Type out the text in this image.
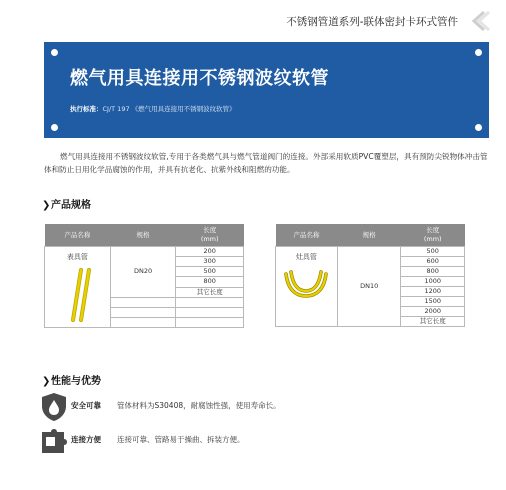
不锈钢管道系列-联体密封卡环式管件
燃气用具连接用不锈钢波纹软管
执行标准：CJ/T 197 《燃气用具连接用不锈钢波纹软管》
燃气用具连接用不锈钢波纹软管,专用于各类燃气具与燃气管道阀门的连接。外部采用软质PVC覆塑层，具有预防尖锐物体冲击管体和防止日用化学品腐蚀的作用，并具有抗老化、抗紫外线和阻燃的功能。
❯产品规格
产品名称	规格	长度
(mm)

表具管	DN20	200
		300
		500
		800
		其它长度

产品名称	规格	长度
(mm)

灶具管	DN10	500
		600
		800
		1000
		1200
		1500
		2000
		其它长度
❯性能与优势
安全可靠 管体材料为S30408，耐腐蚀性强，使用寿命长。
连接方便 连接可靠、管路易于操曲、拆装方便。
